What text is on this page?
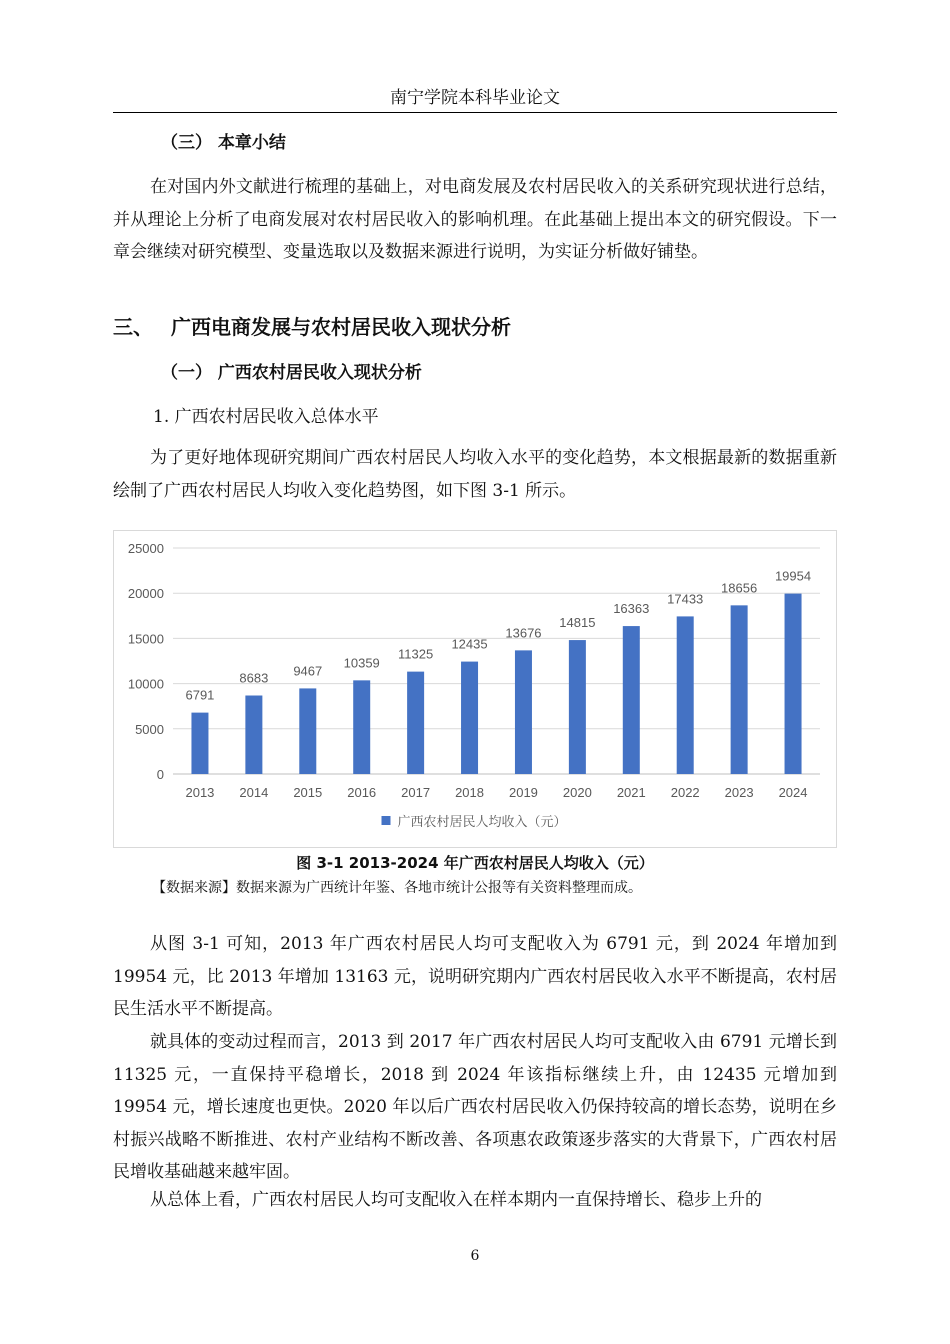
南宁学院本科毕业论文
（三） 本章小结

在对国内外文献进行梳理的基础上，对电商发展及农村居民收入的关系研究现状进行总结，并从理论上分析了电商发展对农村居民收入的影响机理。在此基础上提出本文的研究假设。下一章会继续对研究模型、变量选取以及数据来源进行说明，为实证分析做好铺垫。

三、 广西电商发展与农村居民收入现状分析
（一） 广西农村居民收入现状分析
1. 广西农村居民收入总体水平

为了更好地体现研究期间广西农村居民人均收入水平的变化趋势，本文根据最新的数据重新绘制了广西农村居民人均收入变化趋势图，如下图 3-1 所示。

0
5000
10000
15000
20000
25000
6791
2013
8683
2014
9467
2015
10359
2016
11325
2017
12435
2018
13676
2019
14815
2020
16363
2021
17433
2022
18656
2023
19954
2024
广西农村居民人均收入（元）
图 3-1 2013-2024 年广西农村居民人均收入（元）
【数据来源】数据来源为广西统计年鉴、各地市统计公报等有关资料整理而成。

从图 3-1 可知，2013 年广西农村居民人均可支配收入为 6791 元，到 2024 年增加到 19954 元，比 2013 年增加 13163 元，说明研究期内广西农村居民收入水平不断提高，农村居民生活水平不断提高。

就具体的变动过程而言，2013 到 2017 年广西农村居民人均可支配收入由 6791 元增长到 11325 元，一直保持平稳增长，2018 到 2024 年该指标继续上升，由 12435 元增加到 19954 元，增长速度也更快。2020 年以后广西农村居民收入仍保持较高的增长态势，说明在乡村振兴战略不断推进、农村产业结构不断改善、各项惠农政策逐步落实的大背景下，广西农村居民增收基础越来越牢固。

从总体上看，广西农村居民人均可支配收入在样本期内一直保持增长、稳步上升的

6
